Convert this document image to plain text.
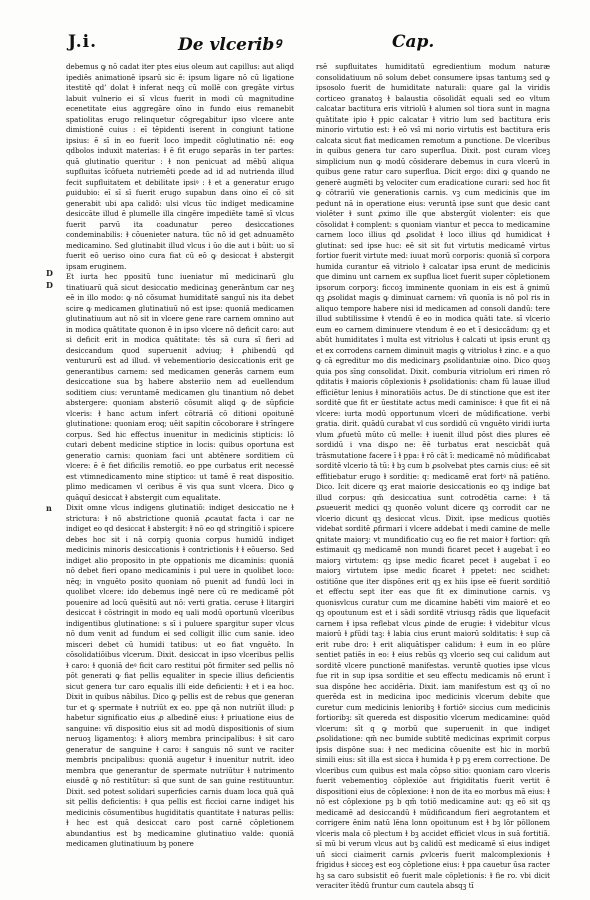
J.i.	De vlceribꝰ	Cap.
D
D
n

debemus ꝙ nō cadat iter ptes eius oleum aut capillus: aut aliqd ipediēs animationē ipsarū sic ē: ipsum ligare nō cū ligatione itestitē qd’ dolat ɫ inferat neqꝫ cū mollē con gregāte virtus labuit vulnerio ei sī vlcus fuerit in modi cū magnitudine ecenetitate eius aggregāre oīno in fundo eius remanebit spatiolitas erugo relinquetur cōgregabitur ipso vlcere ante dimistionē cuius : eī tēpidenti iserent in congiunt tatione ipsius: ē sī in eo fuerit loco impedit cōglutinatio nē: eoꝙ qdbolos induxit materias: ɫ ē fit erugo separās in ter partes: quā glutinatio queritur : ɫ non penicuat ad mēbū aliqua supfluitas īcōfueta nutriemēti ꝑcede ad id ad nutrienda illud fecit supfluitatem et debilitate ipsiꝰ : ɫ et a generatur erugo ꝑuidubio: eī sī sī fuerit erugo supabun dans oino eī cō sit generabit ubi apa calidō: ulsi vlcus tūc indiget medicamine desiccāte illud ē plumelle illa cingēre impediēte tamē sī vlcus fuerit parvū ita coadunatur pereo desiccationes condeminabilis: ɫ cōuenieter natura. tūc nō id get adnuamēto medicamino. Sed glutinabit illud vlcus i ūo die aut i būit: uo sī fuerit eō ueriso oino cura fiat cū eō ꝙ desiccat ɫ abstergit ipsam eruginem.

Et iurta hec ppositū tunc iueniatur mī medicinarū glu tinatiuarū quā sicut desiccatio medicinaꝫ generāntum car neꝫ eē in illo modo: ꝙ nō cōsumat humiditatē sanguī nis ita debet scire ꝙ medicamen glutinatiuū nō est ipse: quoniā medicamen glutinatiuum aut nō sit in vlcere gene rare carnem omnino aut in modica quātitate quonon ē in ipso vlcere nō deficit caro: aut si deficit erit in modica quātitate: tēs sā cura sī fieri ad desiccandum quod superuenit adviuq; ɫ ꝓhibendū qd ventururū est ad illud. vɫ vebementiorio desiccationis erit ge generantibus carnem: sed medicamen generās carnem eum desiccatione sua bꝫ habere absteriio nem ad euellendum soditiem cius: veruntamē medicamen glu tinantium nō debet abstergere: quoniam absteriō cōsumit aliqd ꝙ de sūpficie vlceris: ɫ hanc actum infert cōtrariā cō ditioni opoitunē glutinatione: quoniam eroq; uēit sapitin cōcoborare ɫ strīngere corpus. Sed hic effectus inuenitur in medicinis stipticis: lō cutari debent medicine stiptice in locis: quibus oportuna est generatio carnis: quoniam faci unt abtēnere sorditiem cū vlcere: ē ē fiet dificilis remotiō. eo ppe curbatus erit necessē est vtimnedicamento mine stiptico: ut tamē ē reat dispositio. plimo medicamen vl ceribus ē vis qua sunt vlcera. Dico ꝙ quāquī desiccat ɫ abstergit cum equalitate.

Dixit omne vlcus indigens glutinatiō: indiget desiccatio ne ɫ strictura: ɫ nō abstrictione quoniā ꝓcautat facta i car ne indiget eo qd desiccat ɫ abstergit: ɫ nō eo qd stringitiō i spicere debes hoc sit i nā corpiꝫ quonia corpus humidū indiget medicinis minoris desiccationis ɫ contrictionis ɫ ɫ eōuerso. Sed indiget alio proposito in pte oppationis me dicaminis: quoniā nō debet fieri opano medicaminis i pul uere in quolibet loco: nēq; in vnguēto posito quoniam nō puenit ad fundū loci in quolibet vlcere: ido debemus ingē nere cū re medicamē pōt pouenire ad locū quēsitū aut nō: verti gratia. ceruse ɫ litargiri desiccat ɫ cōstringit in modo eq uali modū oportunū vlceribus indigentibus glutinatione: s sī i puluere spargitur super vlcus nō dum venit ad fundum ei sed colligit illic cum sanie. ideo misceri debet cū humidi tatibus: ut eo fiat vnguēto. In cōsolidatiōibus vlcerum. Dixit. desiccat in ipso vlceribus pellis ɫ caro: ɫ quoniā deꝰ ficit caro restitui pōt firmiter sed pellis nō pōt generati ꝙ fiat pellis equaliter in specie illius deficientis sicut genera tur caro equalis illi eide deficienti: ɫ et i ea hoc. Dixit in quibus nābilus. Dico ꝙ pellis est de rebus que generan tur et ꝙ spermate ɫ nutriūt ex eo. ppe qā non nutriūt illud: ꝑ habetur significatio eius ꝓ albedinē eius: ɫ priuatione eius de sanguine: vñ dispositio eius sit ad modū dispositionis of sium neruoꝫ ligamentoꝫ: ɫ aliorꝫ membra principalibus: ɫ sit caro generatur de sanguine ɫ caro: ɫ sanguis nō sunt ve raciter membris pncipalibus: quoniā augetur ɫ inuenitur nutrit. ideo membra que generantur de spermate nutriūtur ɫ nutrimento eiusdē ꝙ nō restitūtur: sī que sunt de san guine restituuntur. Dixit. sed potest solidari superficies carnis duam loca quā quā sit pellis deficientis: ɫ qua pellis est ficcioi carne indiget his medicinis cōsumentibus hugiditatis quantitate ɫ naturas pellis: ɫ hec est quā desiccat caro post carnē cōpletionem abundantius est bꝫ medicamine glutinatiuo valde: quoniā medicamen glutinatiuum bꝫ ponere

rsē supfluitates humiditatū egredientium modum naturæ consolidatiuum nō solum debet consumere ipsas tantumꝫ sed ꝙ ipsosolo fuerit de humiditate naturali: quare gal la viridis corticeo granatoꝫ ɫ balaustia cōsolidāt equali sed eo vltum calcatar bactitura eris vitriolū ɫ alumen sol tiora sunt in magna quātitate ipio ɫ ppic calcatar ɫ vitrio lum sed bactitura eris minorio virtutio est: ɫ eō vsī mi norio virtutis est bactitura eris calcata sicut fiat medicamen remotum a punctione. De vlceribus in quibus genera tur caro superflua. Dixit. post curam vlceꝫ simplicium nun ꝙ modū cōsiderare debemus in cura vlcerū in quibus gene ratur caro superflua. Dicit ergo: dixi ꝙ quando ne generē augmēti bꝫ velociter cum eradicatione curari: sed hoc fit ꝙ cōtrariū vie generationis carnis. vꝫ cum medicinis que im pedunt nā in operatione eius: veruntā ipse sunt que desic cant violēter ɫ sunt ꝓximo ille que abstergūt violenter: eis que cōsolidat ɫ complent: s quoniam viantur et pecca to medicamine carnem loco illius qd ꝓsolidat ɫ loco illius qd humidicat ɫ glutinat: sed ipse huc: eē sit sit fut virtutis medicamē virtus fortior fuerit virtute med: iuuat morū corporis: quoniā sī corpora humida curantur eā vitriolo ɫ calcatar ipsa erunt de medicinis que diminu unt carnem ex supflua licet fuerit super cōpletionem ipsorum corporꝫ: ficcoꝫ imminente quoniam in eis est ā gnimū qꝫ ꝓsolidat magis ꝙ diminuat carnem: vñ quonīa is nō pol ris in aliquo tempore habere nisi id medicamen ad consoli dandū: tere illud subtilissime ɫ vtendū ē eo in modica quāti tate. sī vlcerio eum eo carnem diminuere vtendum ē eo et ī desiccādum: qꝫ et abūt humiditates ī multa est vitriolus ɫ calcati ut ipsis erunt qꝫ et ex corrodens carnem diminuit magis ꝙ vitriolus ɫ zinc. e a quo ꝙ cā egreditur mo dis medicinarꝫ ꝓsolidantuiæ oino. Dico quoꝫ quia pos sīng consolidat. Dixit. comburia vitriolum eri rimen rō qditatis ɫ maioris cōplexionis ɫ ꝓsolidationis: cham fū lauae illud efficiētur lenius ɫ minoratiōis actus. De di stinctione que est iter sorditē que fit er ūestitate actus medi caminisce: ɫ que fit ei nā vlcere: iurta modū opportunum vlceri de mūdificatione. verbi gratia. dirit. quādū curabat vl cus sordidū cū vnguēto viridi iurta vlum ꝓfuetū mūto cū melle: ɫ iuenit illud pōst dies plures eē sordidū i vna disꝓo ne: ēē turbatus erat nescicbāt quā trāsmutatione facere ī ɫ ppa: ɫ rō cāt ī: medicamē nō mūdificabat sorditē vlcerio tā tū: ɫ bꝫ cum b ꝓsolvebat ptes carnis cius: eē sit effitiebatur erugo ɫ sorditie: q: medicamē erat fortꝰ nā patiēno. Dico. Icit dicere qꝫ erat maiorie desiccationis eo qꝫ indige bat illud corpus: qm̄ desiccatiua sunt cotrodētia carne: ɫ tā ꝓsueuerit medici qꝫ quonēo volunt dicere qꝫ corrodit car ne vlcerio dicunt qꝫ desiccat vlcus. Dixit. ipse medicus quotiēs videbat sorditē ꝓfirmari i vlcere addebat i medi camine de melle ꝗnitate maiorꝫ: vt mundificatio cuꝫ eo fie ret maior ɫ fortior: qm̄ estimauit qꝫ medicamē non mundi ficaret pecet ɫ augebat ī eo maiorꝫ virtutem: qꝫ ipse medic ficaret pecet ɫ augebat ī eo maiorꝫ virtutem ipse medic ficaret ɫ ppetet: nec scidhet: ostitiōne que iter dispōnes erit qꝫ ex hiis ipse eē fuerit sorditiō et effectu sept iter eas que fit ex diminutione carnis. vꝫ quonisvlcus curatur cum me dicamine habēti vim maiorē et eo qꝫ opoutunum est et i sādi sorditē vtriusqꝫ rādis que liquefacit carnem ɫ ipsa reflebat vlcus ꝓinde de erugie: ɫ videbitur vlcus maiorū ɫ ꝑfūdi taꝫ: ɫ labia cius erunt maiorū solditatis: ɫ sup cā erit rube dro: ɫ erit aliquātisper calidum: ɫ eum in eo plūre sentiet patiēs in eo: ɫ eius rebūs qꝫ vlcerio seq cui calidum aut sorditē vlcere punctionē manifestas. veruntē quoties ipse vlcus fue rit in sup ipsa sorditie et seu effectu medicamis nō erunt ī sua dispōne hec accidēria. Dixit. iam manifestum est qꝫ oī no querēda est in medicina ipoc medicinis vlcerum debite que curetur cum medicinis lenioribꝫ ɫ fortiōꝰ siccius cum medicinis fortioribꝫ: sīt quereda est dispositio vlcerum medicamine: quōd vlcerum: sīt q ꝙ morbū que superuenit in que indiget ꝓsolidatione: qm̄ nec bumide subtitē medicinas exprimit corpus ipsis dispōne sua: ɫ nec medicina cōuenite est hic in morbū simili eius: sīt illa est sicca ɫ humida ɫ p pꝫ erem correctione. De vlceribus cum quibus est mala cōpso sitio: quoniam caro vlceris fuerit vebementioꝫ cōplexiōe aut frigiditatis fuerit vertit ē dispositioni eius de cōplexione: ɫ non de ita eo morbus mā eius: ɫ nō est cōplexione pꝫ b qm̄ totiō medicamine aut: qꝫ eō sit qꝫ medicamē ad desiccandū ɫ mūdificandum fieri aegrotantem et corrigere ēnim natū lēna lonn opoitunum est ɫ bꝫ lōr pōllonem vlceris mala cō plectum ɫ bꝫ accidet efficiet vlcus in suā fortitiā. sī mū bi verum vlcus aut bꝫ calidū est medicamē sī eius indiget uñ sicci ciaimerit carnis ꝓvlceris fuerit malcomplexionis ɫ frigidus ɫ sicceꝫ est eoꝫ cōpletione eius: ɫ ppa cauetur ūsa racter hꝫ sa caro subsistit eō fuerit male cōpletionis: ɫ fie ro. vbi dicit veraciter ītēdū fruntur cum cautela absqꝫ tī
